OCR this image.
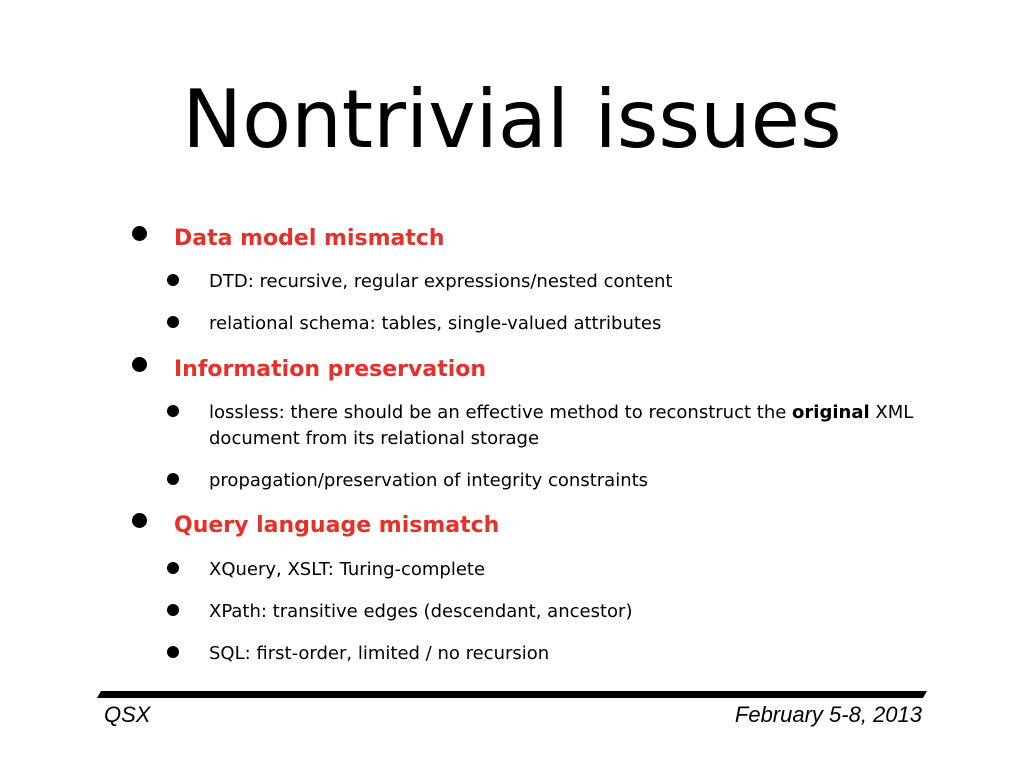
Nontrivial issues
Data model mismatch
DTD: recursive, regular expressions/nested content
relational schema: tables, single-valued attributes
Information preservation
lossless: there should be an effective method to reconstruct the original XML document from its relational storage
propagation/preservation of integrity constraints
Query language mismatch
XQuery, XSLT: Turing-complete
XPath: transitive edges (descendant, ancestor)
SQL: first-order, limited / no recursion
QSX	February 5-8, 2013
